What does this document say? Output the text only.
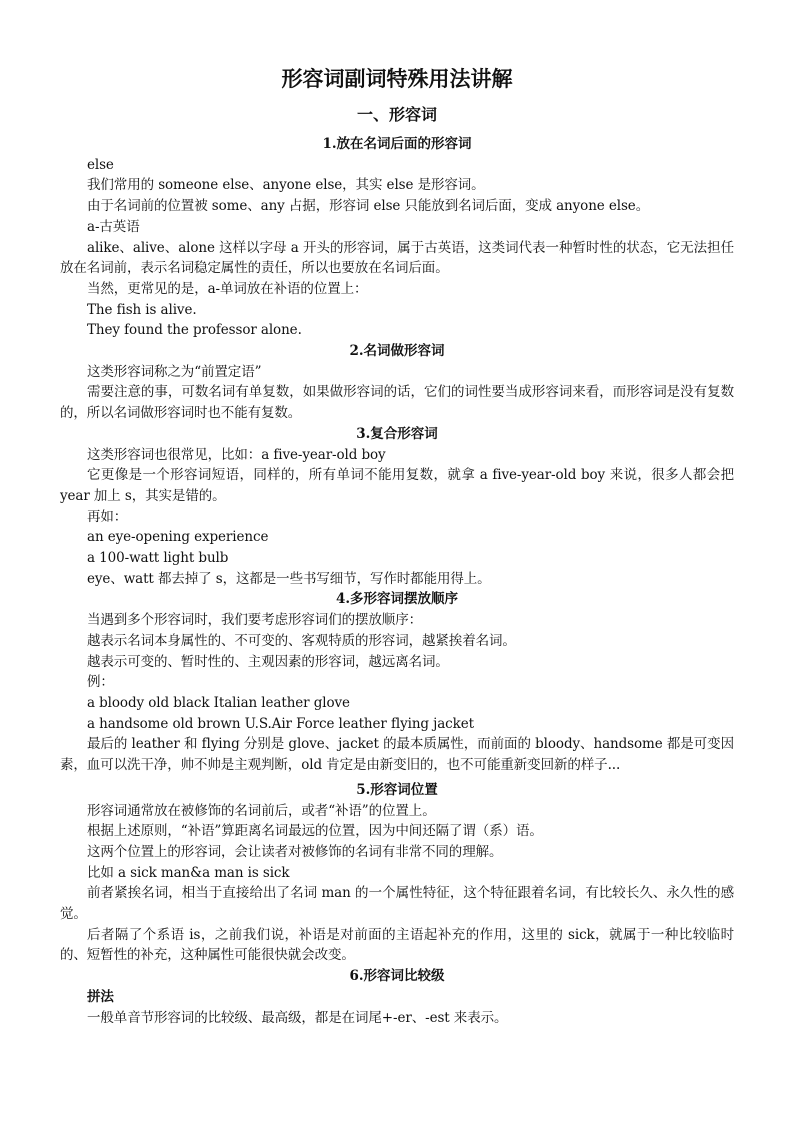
形容词副词特殊用法讲解
一、形容词
1.放在名词后面的形容词

else

我们常用的 someone else、anyone else，其实 else 是形容词。

由于名词前的位置被 some、any 占据，形容词 else 只能放到名词后面，变成 anyone else。

a-古英语

alike、alive、alone 这样以字母 a 开头的形容词，属于古英语，这类词代表一种暂时性的状态，它无法担任放在名词前，表示名词稳定属性的责任，所以也要放在名词后面。

当然，更常见的是，a-单词放在补语的位置上：

The fish is alive.

They found the professor alone.

2.名词做形容词

这类形容词称之为“前置定语”

需要注意的事，可数名词有单复数，如果做形容词的话，它们的词性要当成形容词来看，而形容词是没有复数的，所以名词做形容词时也不能有复数。

3.复合形容词

这类形容词也很常见，比如：a five-year-old boy

它更像是一个形容词短语，同样的，所有单词不能用复数，就拿 a five-year-old boy 来说，很多人都会把 year 加上 s，其实是错的。

再如：

an eye-opening experience

a 100-watt light bulb

eye、watt 都去掉了 s，这都是一些书写细节，写作时都能用得上。

4.多形容词摆放顺序

当遇到多个形容词时，我们要考虑形容词们的摆放顺序：

越表示名词本身属性的、不可变的、客观特质的形容词，越紧挨着名词。

越表示可变的、暂时性的、主观因素的形容词，越远离名词。

例：

a bloody old black Italian leather glove

a handsome old brown U.S.Air Force leather flying jacket

最后的 leather 和 flying 分别是 glove、jacket 的最本质属性，而前面的 bloody、handsome 都是可变因素，血可以洗干净，帅不帅是主观判断，old 肯定是由新变旧的，也不可能重新变回新的样子...

5.形容词位置

形容词通常放在被修饰的名词前后，或者“补语”的位置上。

根据上述原则，“补语”算距离名词最远的位置，因为中间还隔了谓（系）语。

这两个位置上的形容词，会让读者对被修饰的名词有非常不同的理解。

比如 a sick man&a man is sick

前者紧挨名词，相当于直接给出了名词 man 的一个属性特征，这个特征跟着名词，有比较长久、永久性的感觉。

后者隔了个系语 is，之前我们说，补语是对前面的主语起补充的作用，这里的 sick，就属于一种比较临时的、短暂性的补充，这种属性可能很快就会改变。

6.形容词比较级

拼法

一般单音节形容词的比较级、最高级，都是在词尾+-er、-est 来表示。
